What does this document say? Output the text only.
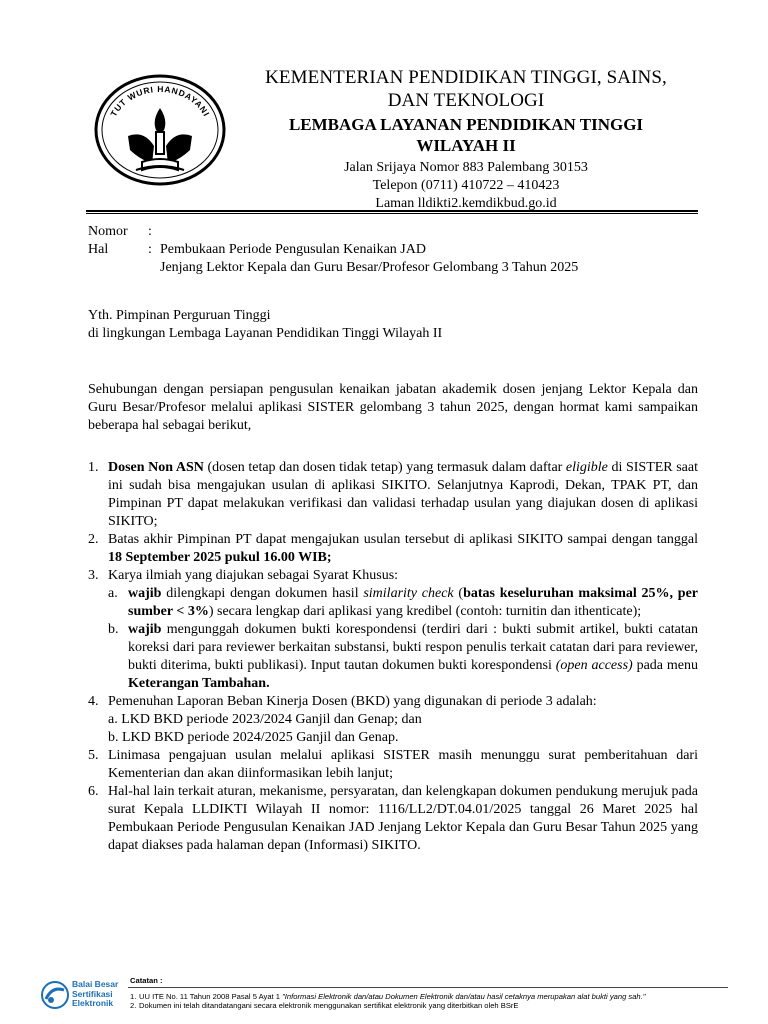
TUT WURI HANDAYANI
KEMENTERIAN PENDIDIKAN TINGGI, SAINS,
DAN TEKNOLOGI
LEMBAGA LAYANAN PENDIDIKAN TINGGI
WILAYAH II
Jalan Srijaya Nomor 883 Palembang 30153
Telepon (0711) 410722 – 410423
Laman lldikti2.kemdikbud.go.id
Nomor	:
Hal	: Pembukaan Periode Pengusulan Kenaikan JAD
Jenjang Lektor Kepala dan Guru Besar/Profesor Gelombang 3 Tahun 2025
Yth. Pimpinan Perguruan Tinggi
di lingkungan Lembaga Layanan Pendidikan Tinggi Wilayah II
Sehubungan dengan persiapan pengusulan kenaikan jabatan akademik dosen jenjang Lektor Kepala dan Guru Besar/Profesor melalui aplikasi SISTER gelombang 3 tahun 2025, dengan hormat kami sampaikan beberapa hal sebagai berikut,
1. Dosen Non ASN (dosen tetap dan dosen tidak tetap) yang termasuk dalam daftar eligible di SISTER saat ini sudah bisa mengajukan usulan di aplikasi SIKITO. Selanjutnya Kaprodi, Dekan, TPAK PT, dan Pimpinan PT dapat melakukan verifikasi dan validasi terhadap usulan yang diajukan dosen di aplikasi SIKITO;
2. Batas akhir Pimpinan PT dapat mengajukan usulan tersebut di aplikasi SIKITO sampai dengan tanggal 18 September 2025 pukul 16.00 WIB;
3. Karya ilmiah yang diajukan sebagai Syarat Khusus:
a. wajib dilengkapi dengan dokumen hasil similarity check (batas keseluruhan maksimal 25%, per sumber < 3%) secara lengkap dari aplikasi yang kredibel (contoh: turnitin dan ithenticate);
b. wajib mengunggah dokumen bukti korespondensi (terdiri dari : bukti submit artikel, bukti catatan koreksi dari para reviewer berkaitan substansi, bukti respon penulis terkait catatan dari para reviewer, bukti diterima, bukti publikasi). Input tautan dokumen bukti korespondensi (open access) pada menu Keterangan Tambahan.
4. Pemenuhan Laporan Beban Kinerja Dosen (BKD) yang digunakan di periode 3 adalah:
a. LKD BKD periode 2023/2024 Ganjil dan Genap; dan
b. LKD BKD periode 2024/2025 Ganjil dan Genap.
5. Linimasa pengajuan usulan melalui aplikasi SISTER masih menunggu surat pemberitahuan dari Kementerian dan akan diinformasikan lebih lanjut;
6. Hal-hal lain terkait aturan, mekanisme, persyaratan, dan kelengkapan dokumen pendukung merujuk pada surat Kepala LLDIKTI Wilayah II nomor: 1116/LL2/DT.04.01/2025 tanggal 26 Maret 2025 hal Pembukaan Periode Pengusulan Kenaikan JAD Jenjang Lektor Kepala dan Guru Besar Tahun 2025 yang dapat diakses pada halaman depan (Informasi) SIKITO.
Balai Besar
Sertifikasi
Elektronik
Catatan :
1. UU ITE No. 11 Tahun 2008 Pasal 5 Ayat 1 "Informasi Elektronik dan/atau Dokumen Elektronik dan/atau hasil cetaknya merupakan alat bukti yang sah."
2. Dokumen ini telah ditandatangani secara elektronik menggunakan sertifikat elektronik yang diterbitkan oleh BSrE
